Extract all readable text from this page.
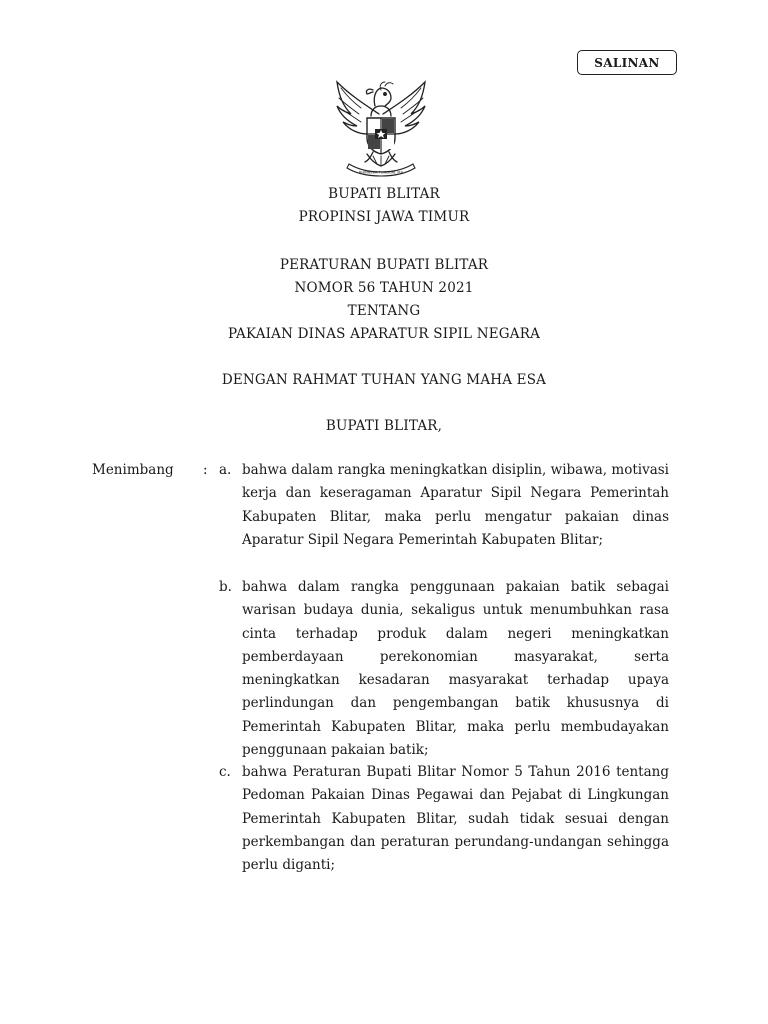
SALINAN
BHINNEKA TUNGGAL IKA
BUPATI BLITAR
PROPINSI JAWA TIMUR
PERATURAN BUPATI BLITAR
NOMOR 56 TAHUN 2021
TENTANG
PAKAIAN DINAS APARATUR SIPIL NEGARA
DENGAN RAHMAT TUHAN YANG MAHA ESA
BUPATI BLITAR,
Menimbang : a. bahwa dalam rangka meningkatkan disiplin, wibawa, motivasi kerja dan keseragaman Aparatur Sipil Negara Pemerintah Kabupaten Blitar, maka perlu mengatur pakaian dinas Aparatur Sipil Negara Pemerintah Kabupaten Blitar;
b. bahwa dalam rangka penggunaan pakaian batik sebagai warisan budaya dunia, sekaligus untuk menumbuhkan rasa cinta terhadap produk dalam negeri meningkatkan pemberdayaan perekonomian masyarakat, serta meningkatkan kesadaran masyarakat terhadap upaya perlindungan dan pengembangan batik khususnya di Pemerintah Kabupaten Blitar, maka perlu membudayakan penggunaan pakaian batik;
c. bahwa Peraturan Bupati Blitar Nomor 5 Tahun 2016 tentang Pedoman Pakaian Dinas Pegawai dan Pejabat di Lingkungan Pemerintah Kabupaten Blitar, sudah tidak sesuai dengan perkembangan dan peraturan perundang-undangan sehingga perlu diganti;
